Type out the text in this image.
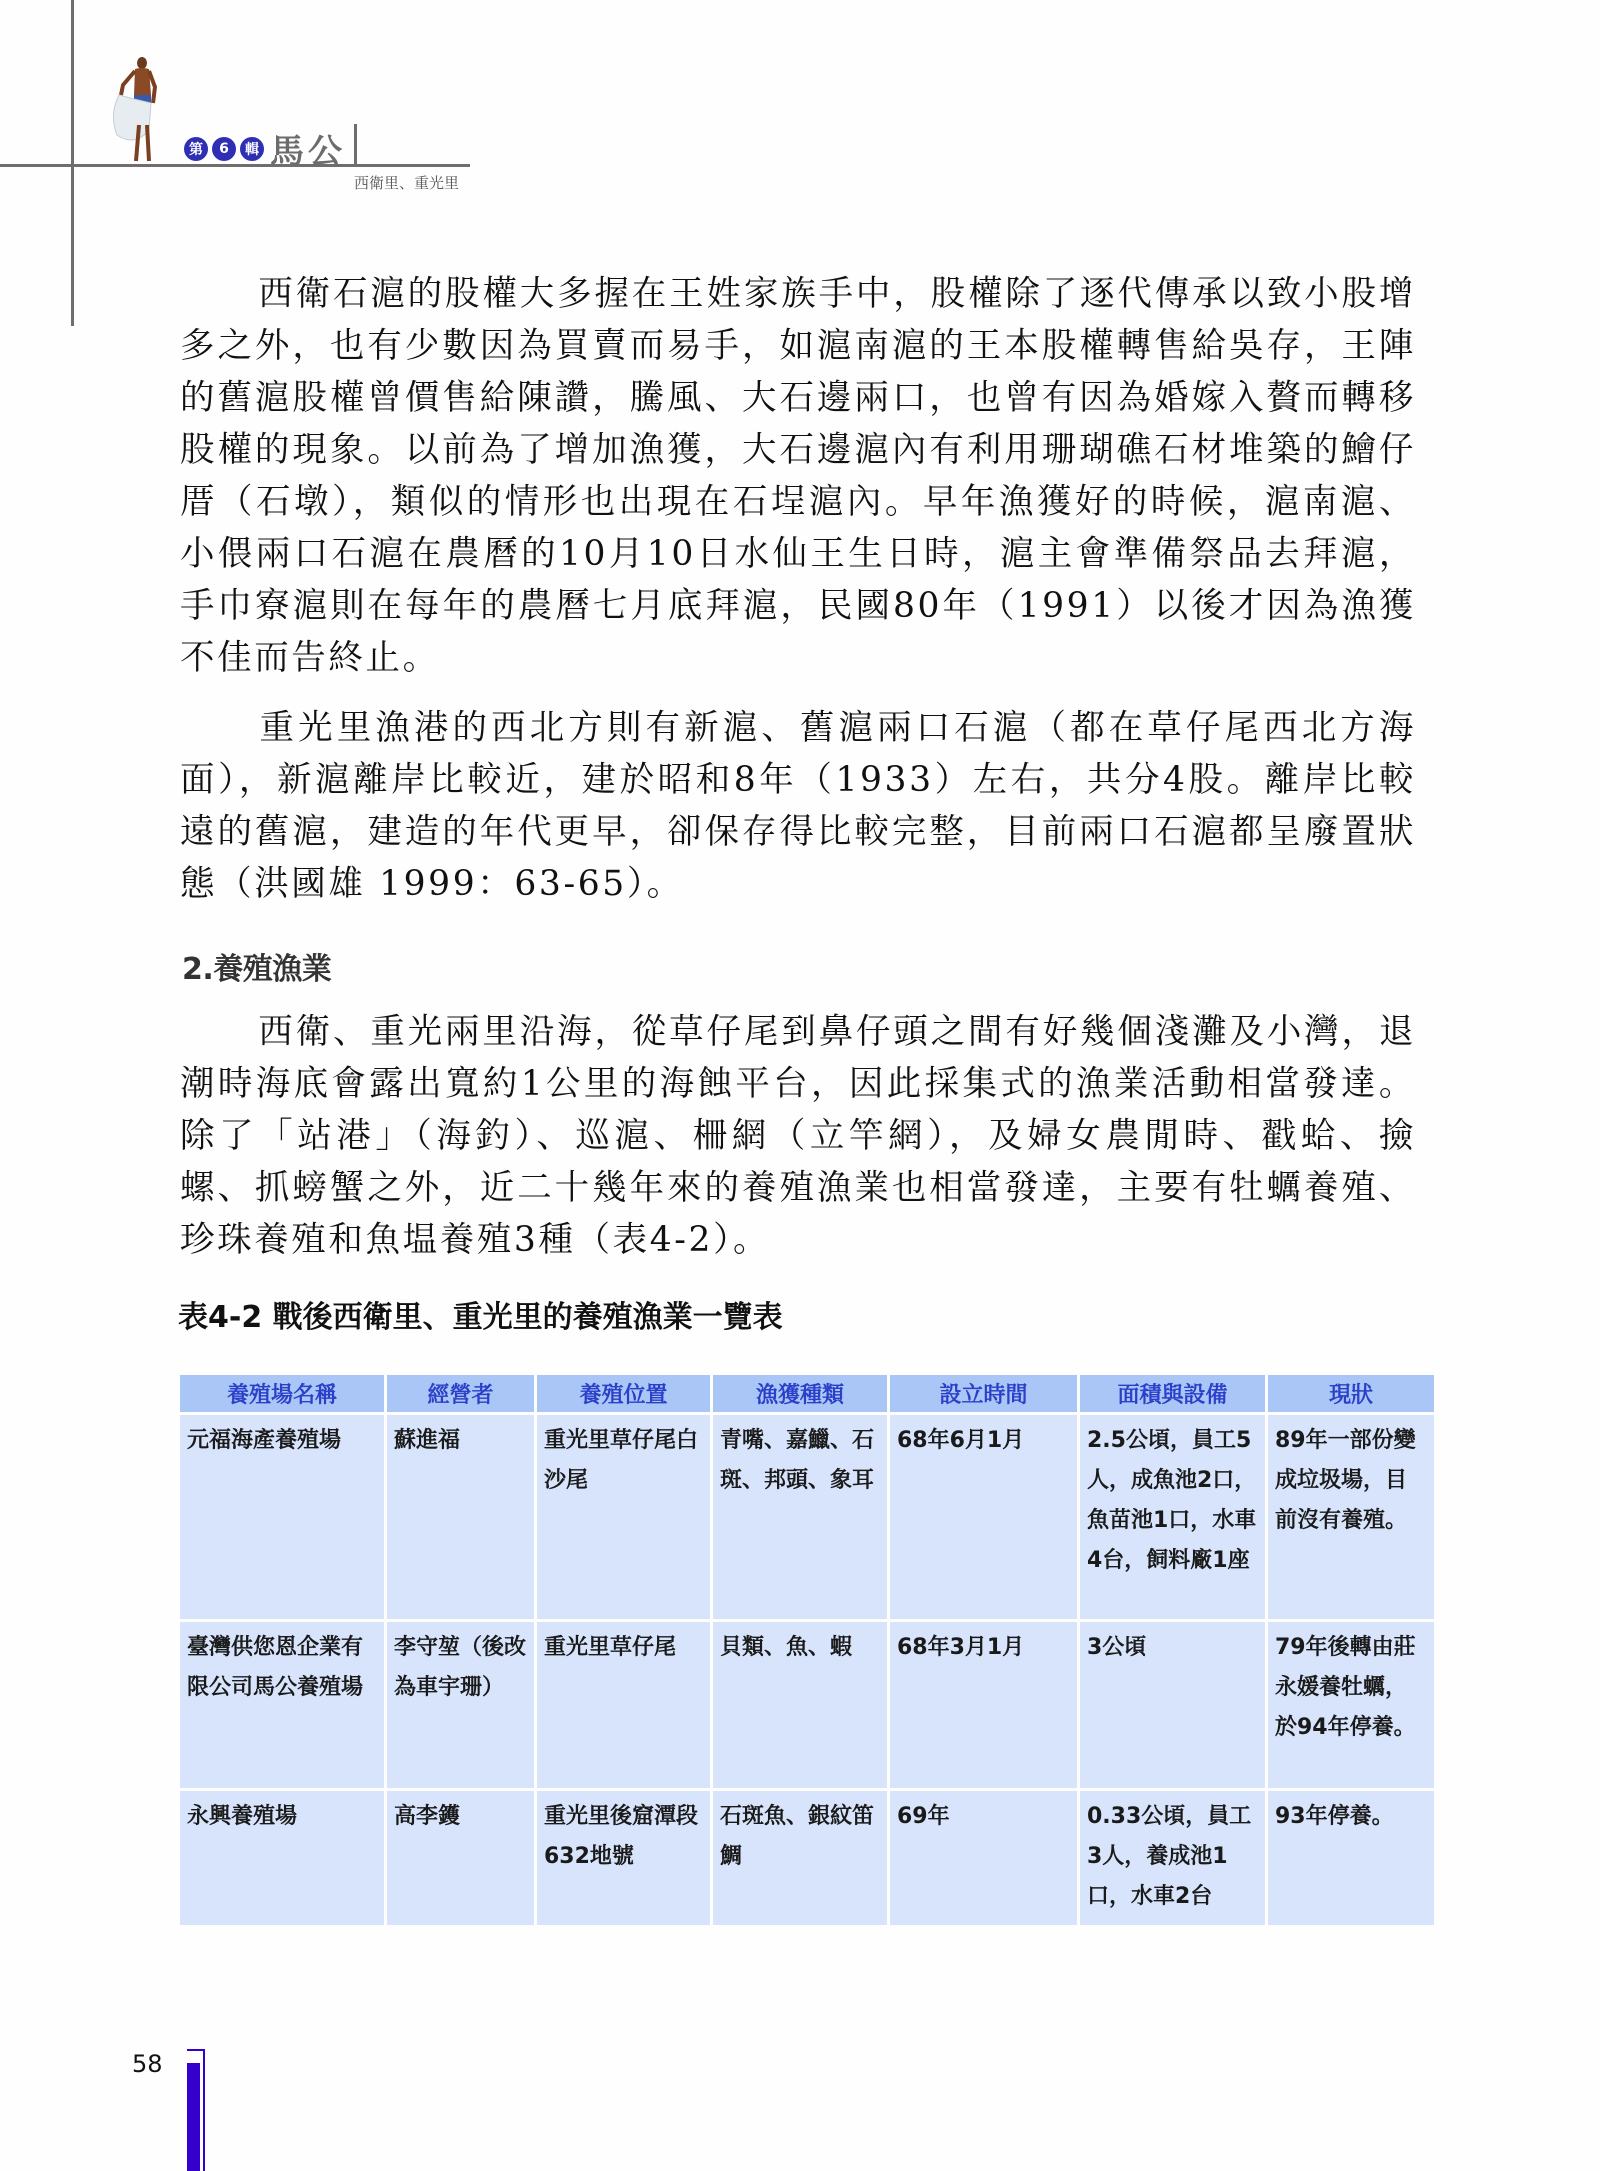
第	6	輯 馬公
西衛里、重光里

西衛石滬的股權大多握在王姓家族手中，股權除了逐代傳承以致小股增多之外，也有少數因為買賣而易手，如滬南滬的王本股權轉售給吳存，王陣的舊滬股權曾價售給陳讚，騰風、大石邊兩口，也曾有因為婚嫁入贅而轉移股權的現象。以前為了增加漁獲，大石邊滬內有利用珊瑚礁石材堆築的鱠仔厝（石墩），類似的情形也出現在石埕滬內。早年漁獲好的時候，滬南滬、小偎兩口石滬在農曆的10月10日水仙王生日時，滬主會準備祭品去拜滬，手巾寮滬則在每年的農曆七月底拜滬，民國80年（1991）以後才因為漁獲不佳而告終止。

重光里漁港的西北方則有新滬、舊滬兩口石滬（都在草仔尾西北方海面），新滬離岸比較近，建於昭和8年（1933）左右，共分4股。離岸比較遠的舊滬，建造的年代更早，卻保存得比較完整，目前兩口石滬都呈廢置狀態（洪國雄 1999：63-65）。

2.養殖漁業

西衛、重光兩里沿海，從草仔尾到鼻仔頭之間有好幾個淺灘及小灣，退潮時海底會露出寬約1公里的海蝕平台，因此採集式的漁業活動相當發達。除了「站港」（海釣）、巡滬、柵網（立竿網），及婦女農閒時、戳蛤、撿螺、抓螃蟹之外，近二十幾年來的養殖漁業也相當發達，主要有牡蠣養殖、珍珠養殖和魚塭養殖3種（表4-2）。

表4-2 戰後西衛里、重光里的養殖漁業一覽表
養殖場名稱	經營者	養殖位置	漁獲種類	設立時間	面積與設備	現狀
元福海產養殖場	蘇進福	重光里草仔尾白沙尾	青嘴、嘉鱲、石斑、邦頭、象耳	68年6月1月	2.5公頃，員工5人，成魚池2口，魚苗池1口，水車4台，飼料廠1座	89年一部份變成垃圾場，目前沒有養殖。
臺灣供您恩企業有限公司馬公養殖場	李守堃（後改為車宇珊）	重光里草仔尾	貝類、魚、蝦	68年3月1月	3公頃	79年後轉由莊永媛養牡蠣，於94年停養。
永興養殖場	高李鑊	重光里後窟潭段632地號	石斑魚、銀紋笛鯛	69年	0.33公頃，員工3人，養成池1口，水車2台	93年停養。
58
